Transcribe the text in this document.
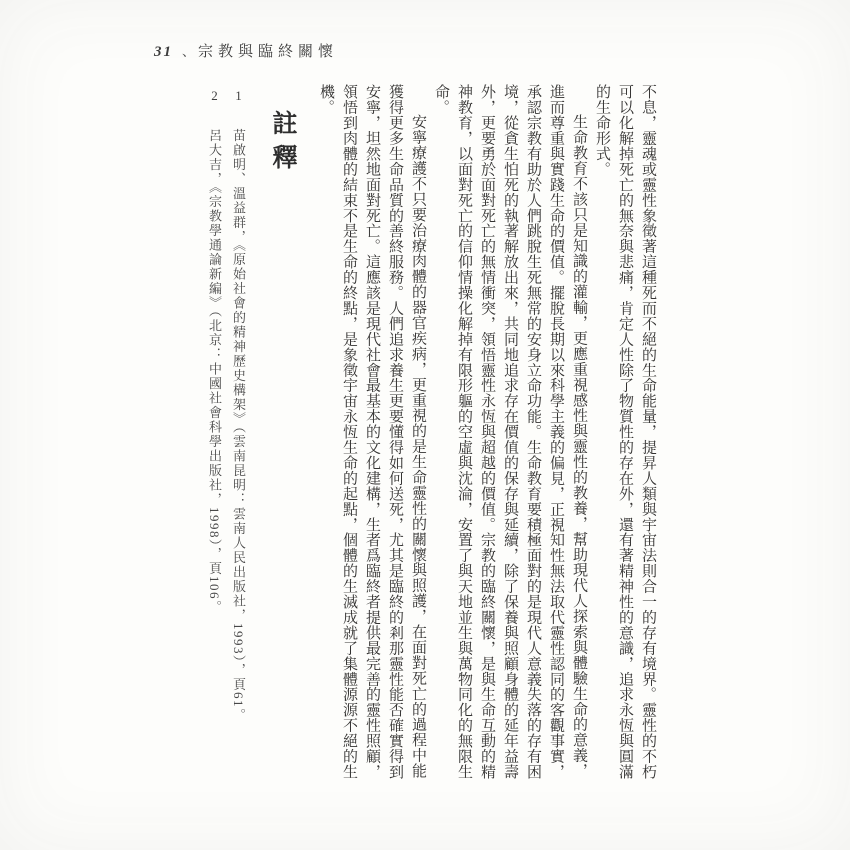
31 、 宗教與臨終關懷

不息，靈魂或靈性象徵著這種死而不絕的生命能量，提昇人類與宇宙法則合一的存有境界。靈性的不朽可以化解掉死亡的無奈與悲痛，肯定人性除了物質性的存在外，還有著精神性的意識，追求永恆與圓滿的生命形式。

生命教育不該只是知識的灌輸，更應重視感性與靈性的教養，幫助現代人探索與體驗生命的意義，進而尊重與實踐生命的價值。擺脫長期以來科學主義的偏見，正視知性無法取代靈性認同的客觀事實，承認宗教有助於人們跳脫生死無常的安身立命功能。生命教育要積極面對的是現代人意義失落的存有困境，從貪生怕死的執著解放出來，共同地追求存在價值的保存與延續，除了保養與照顧身體的延年益壽外，更要勇於面對死亡的無情衝突，領悟靈性永恆與超越的價值。宗教的臨終關懷，是與生命互動的精神教育，以面對死亡的信仰情操化解掉有限形軀的空虛與沈淪，安置了與天地並生與萬物同化的無限生命。

安寧療護不只要治療肉體的器官疾病，更重視的是生命靈性的關懷與照護，在面對死亡的過程中能獲得更多生命品質的善終服務。人們追求養生更要懂得如何送死，尤其是臨終的剎那靈性能否確實得到安寧，坦然地面對死亡。這應該是現代社會最基本的文化建構，生者爲臨終者提供最完善的靈性照顧，領悟到肉體的結束不是生命的終點，是象徵宇宙永恆生命的起點，個體的生滅成就了集體源源不絕的生機。

註釋
1苗啟明、溫益群，《原始社會的精神歷史構架》（雲南昆明：雲南人民出版社，1993），頁61。
2呂大吉，《宗教學通論新編》（北京：中國社會科學出版社，1998），頁106。
